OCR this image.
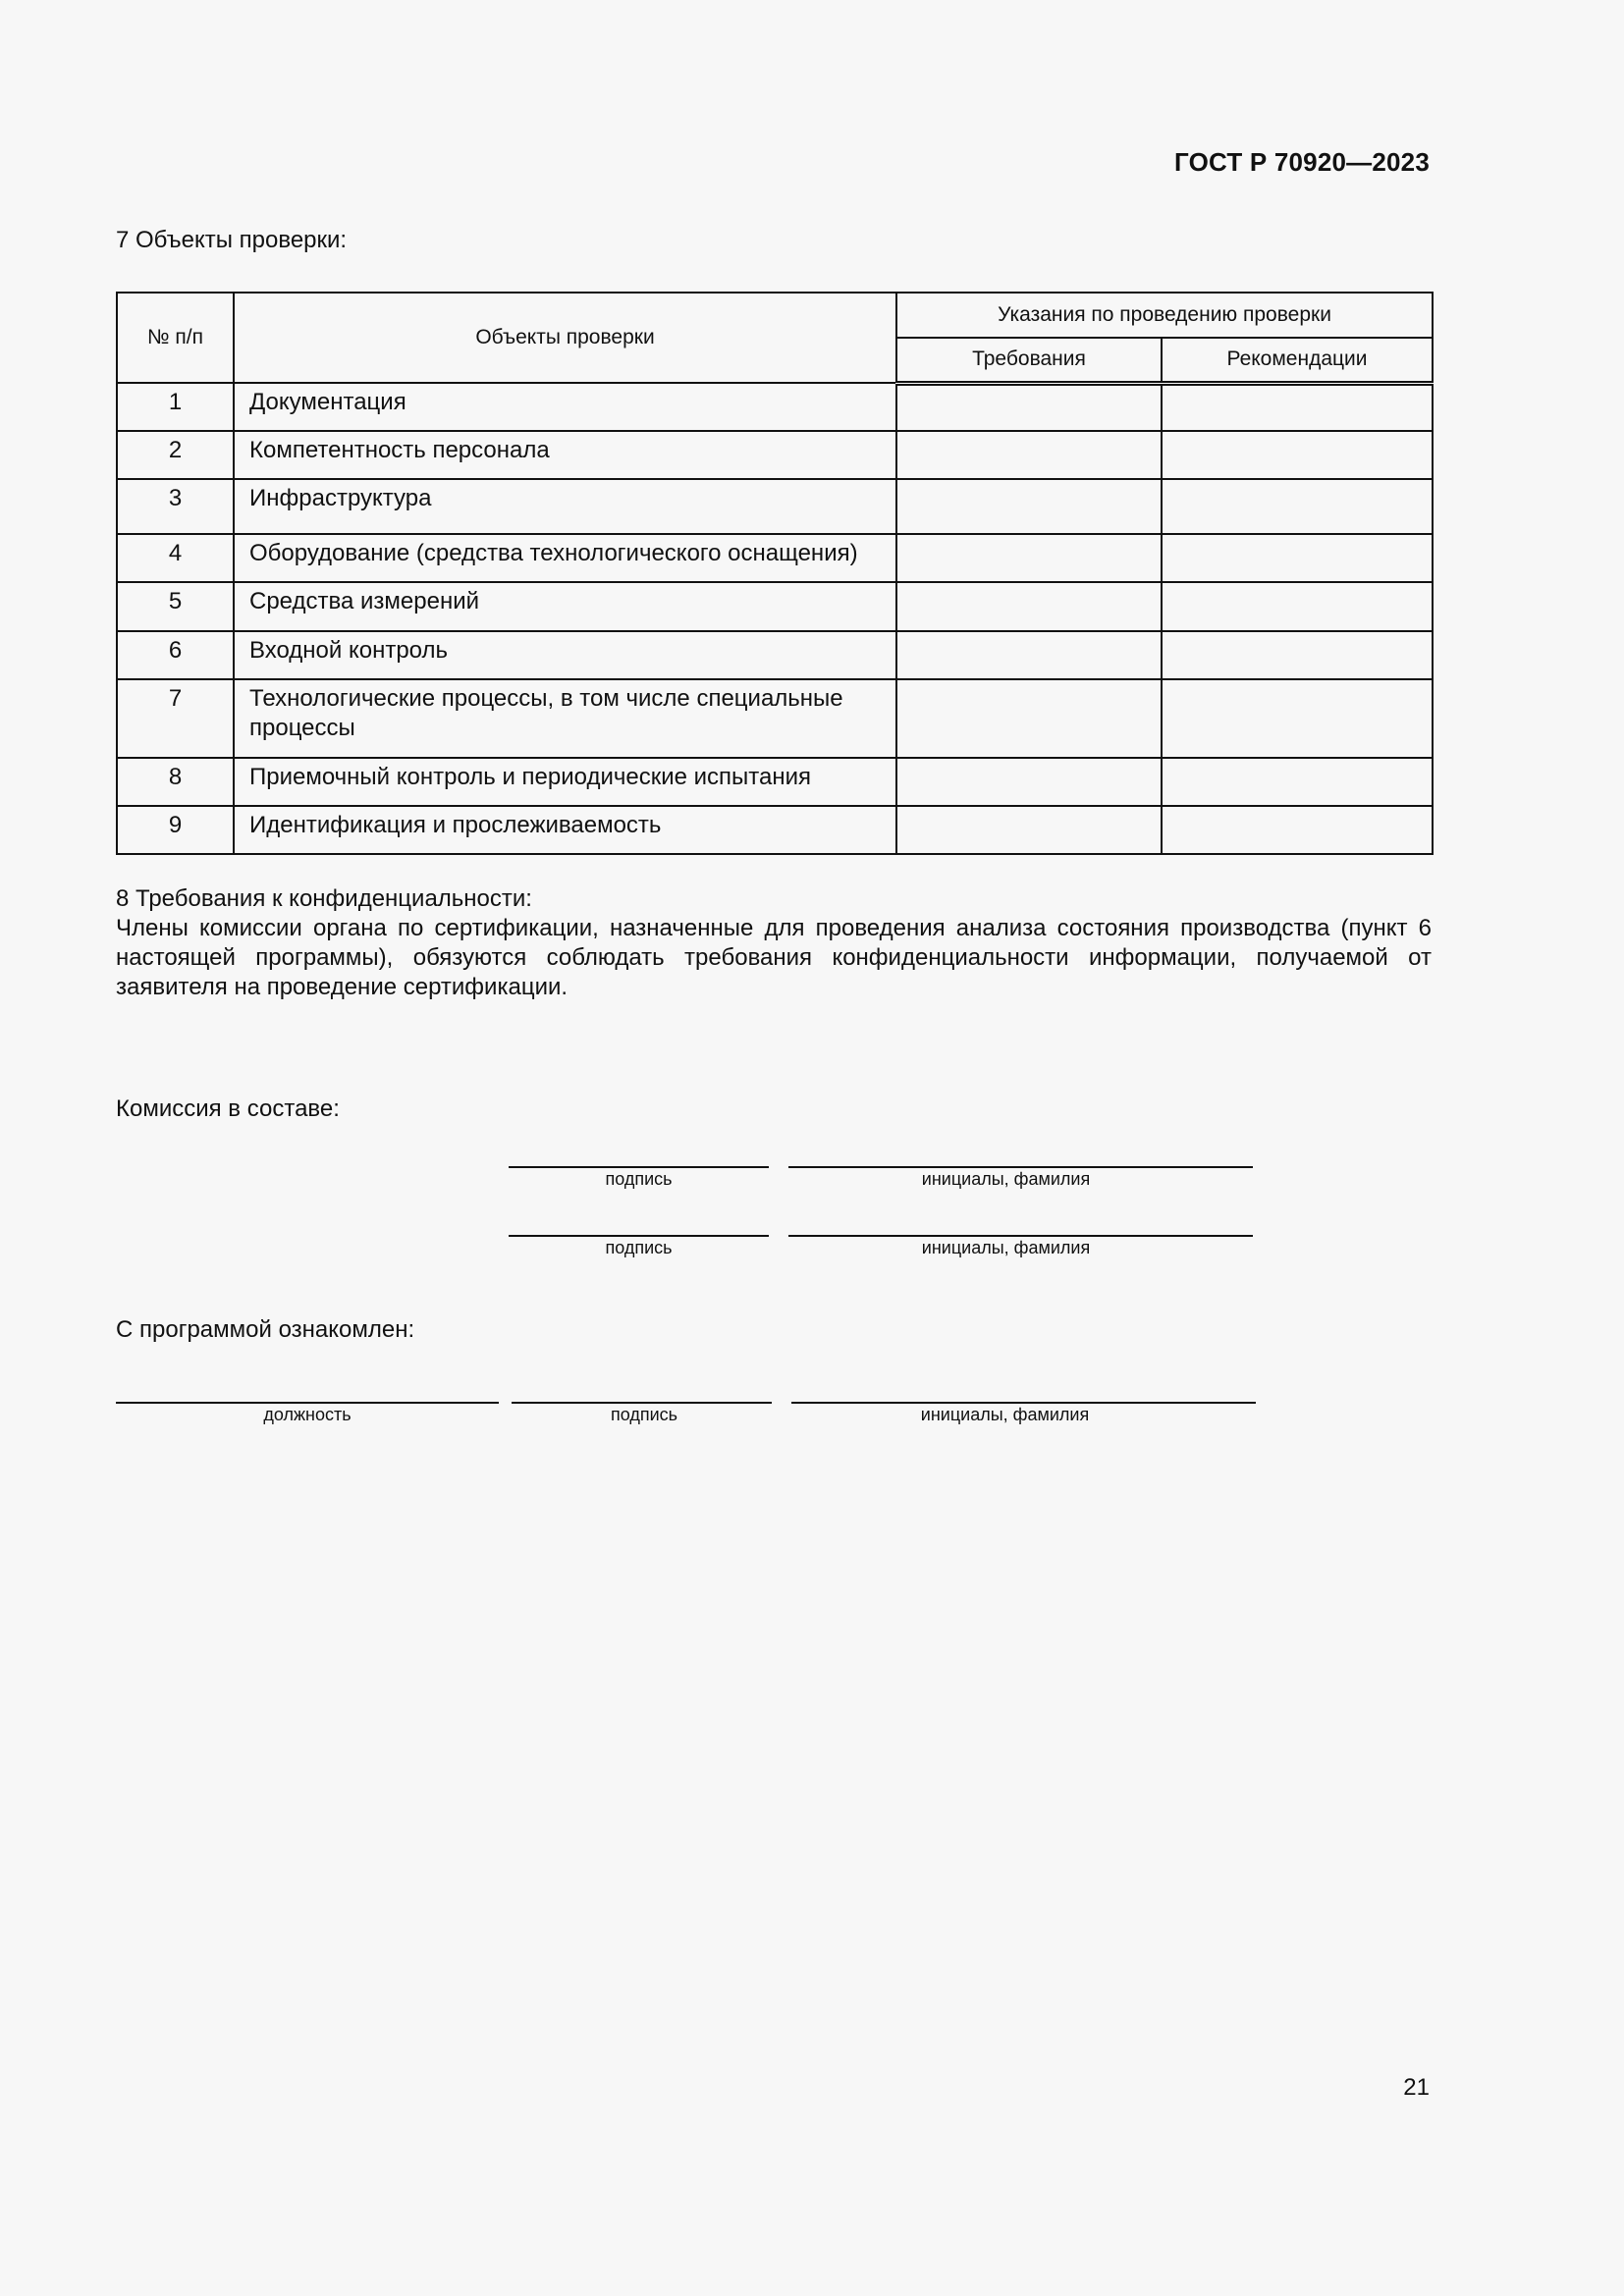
ГОСТ Р 70920—2023
7 Объекты проверки:
№ п/п	Объекты проверки	Указания по проведению проверки	
		Требования	Рекомендации
1	Документация		
2	Компетентность персонала		
3	Инфраструктура		
4	Оборудование (средства технологического оснащения)		
5	Средства измерений		
6	Входной контроль		
7	Технологические процессы, в том числе специальные процессы		
8	Приемочный контроль и периодические испытания		
9	Идентификация и прослеживаемость		
8 Требования к конфиденциальности:
Члены комиссии органа по сертификации, назначенные для проведения анализа состояния производства (пункт 6 настоящей программы), обязуются соблюдать требования конфиденциальности информации, получаемой от заявителя на проведение сертификации.
Комиссия в составе:
подпись	инициалы, фамилия
подпись	инициалы, фамилия
С программой ознакомлен:
должность	подпись	инициалы, фамилия
21
